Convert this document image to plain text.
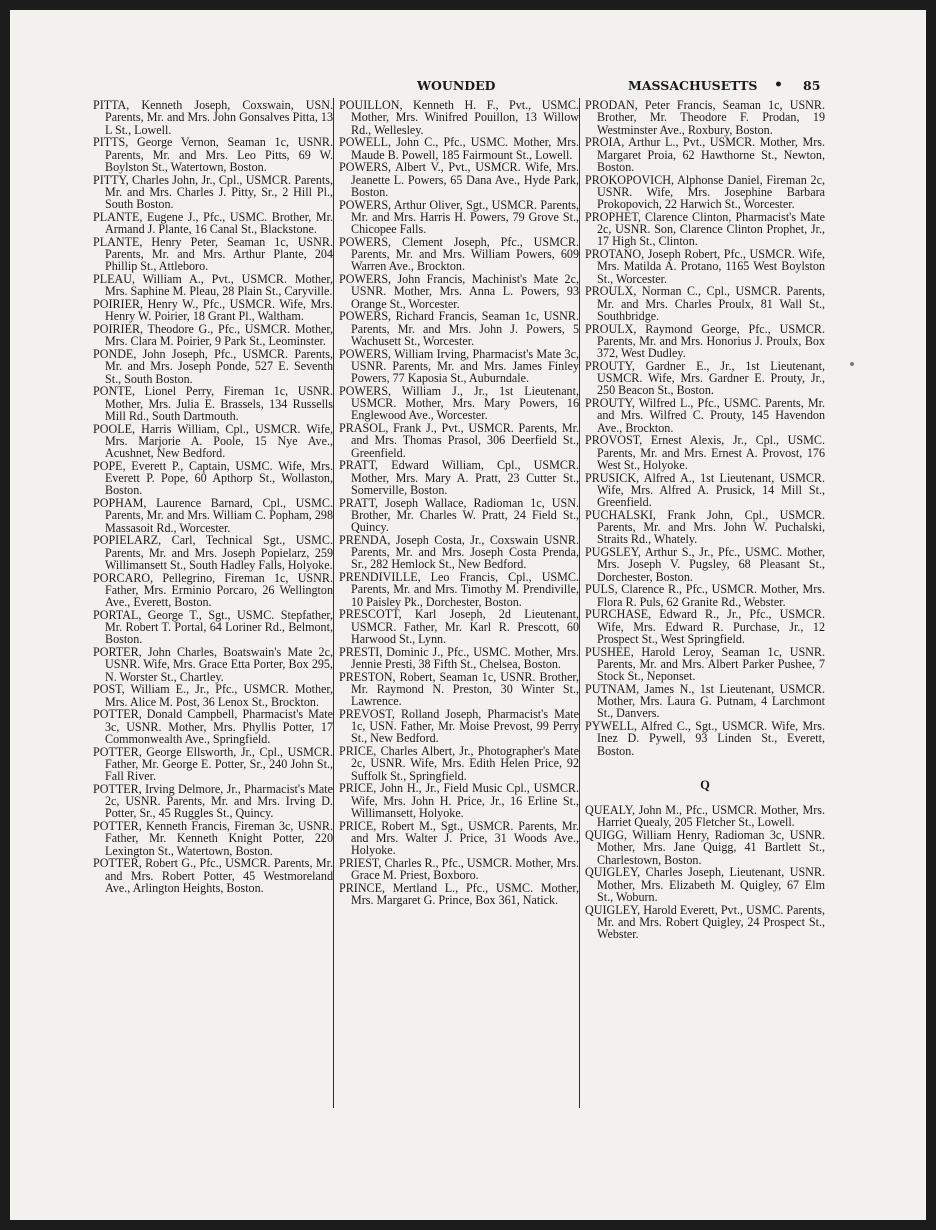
WOUNDED	MASSACHUSETTS • 85
PITTA, Kenneth Joseph, Coxswain, USN. Parents, Mr. and Mrs. John Gonsalves Pitta, 13 L St., Lowell.
PITTS, George Vernon, Seaman 1c, USNR. Parents, Mr. and Mrs. Leo Pitts, 69 W. Boylston St., Watertown, Boston.
PITTY, Charles John, Jr., Cpl., USMCR. Parents, Mr. and Mrs. Charles J. Pitty, Sr., 2 Hill Pl., South Boston.
PLANTE, Eugene J., Pfc., USMC. Brother, Mr. Armand J. Plante, 16 Canal St., Blackstone.
PLANTE, Henry Peter, Seaman 1c, USNR. Parents, Mr. and Mrs. Arthur Plante, 204 Phillip St., Attleboro.
PLEAU, William A., Pvt., USMCR. Mother, Mrs. Saphine M. Pleau, 28 Plain St., Caryville.
POIRIER, Henry W., Pfc., USMCR. Wife, Mrs. Henry W. Poirier, 18 Grant Pl., Waltham.
POIRIER, Theodore G., Pfc., USMCR. Mother, Mrs. Clara M. Poirier, 9 Park St., Leominster.
PONDE, John Joseph, Pfc., USMCR. Parents, Mr. and Mrs. Joseph Ponde, 527 E. Seventh St., South Boston.
PONTE, Lionel Perry, Fireman 1c, USNR. Mother, Mrs. Julia E. Brassels, 134 Russells Mill Rd., South Dartmouth.
POOLE, Harris William, Cpl., USMCR. Wife, Mrs. Marjorie A. Poole, 15 Nye Ave., Acushnet, New Bedford.
POPE, Everett P., Captain, USMC. Wife, Mrs. Everett P. Pope, 60 Apthorp St., Wollaston, Boston.
POPHAM, Laurence Barnard, Cpl., USMC. Parents, Mr. and Mrs. William C. Popham, 298 Massasoit Rd., Worcester.
POPIELARZ, Carl, Technical Sgt., USMC. Parents, Mr. and Mrs. Joseph Popielarz, 259 Willimansett St., South Hadley Falls, Holyoke.
PORCARO, Pellegrino, Fireman 1c, USNR. Father, Mrs. Erminio Porcaro, 26 Wellington Ave., Everett, Boston.
PORTAL, George T., Sgt., USMC. Stepfather, Mr. Robert T. Portal, 64 Loriner Rd., Belmont, Boston.
PORTER, John Charles, Boatswain's Mate 2c, USNR. Wife, Mrs. Grace Etta Porter, Box 295, N. Worster St., Chartley.
POST, William E., Jr., Pfc., USMCR. Mother, Mrs. Alice M. Post, 36 Lenox St., Brockton.
POTTER, Donald Campbell, Pharmacist's Mate 3c, USNR. Mother, Mrs. Phyllis Potter, 17 Commonwealth Ave., Springfield.
POTTER, George Ellsworth, Jr., Cpl., USMCR. Father, Mr. George E. Potter, Sr., 240 John St., Fall River.
POTTER, Irving Delmore, Jr., Pharmacist's Mate 2c, USNR. Parents, Mr. and Mrs. Irving D. Potter, Sr., 45 Ruggles St., Quincy.
POTTER, Kenneth Francis, Fireman 3c, USNR. Father, Mr. Kenneth Knight Potter, 220 Lexington St., Watertown, Boston.
POTTER, Robert G., Pfc., USMCR. Parents, Mr. and Mrs. Robert Potter, 45 Westmoreland Ave., Arlington Heights, Boston.
POUILLON, Kenneth H. F., Pvt., USMC. Mother, Mrs. Winifred Pouillon, 13 Willow Rd., Wellesley.
POWELL, John C., Pfc., USMC. Mother, Mrs. Maude B. Powell, 185 Fairmount St., Lowell.
POWERS, Albert V., Pvt., USMCR. Wife, Mrs. Jeanette L. Powers, 65 Dana Ave., Hyde Park, Boston.
POWERS, Arthur Oliver, Sgt., USMCR. Parents, Mr. and Mrs. Harris H. Powers, 79 Grove St., Chicopee Falls.
POWERS, Clement Joseph, Pfc., USMCR. Parents, Mr. and Mrs. William Powers, 609 Warren Ave., Brockton.
POWERS, John Francis, Machinist's Mate 2c, USNR. Mother, Mrs. Anna L. Powers, 93 Orange St., Worcester.
POWERS, Richard Francis, Seaman 1c, USNR. Parents, Mr. and Mrs. John J. Powers, 5 Wachusett St., Worcester.
POWERS, William Irving, Pharmacist's Mate 3c, USNR. Parents, Mr. and Mrs. James Finley Powers, 77 Kaposia St., Auburndale.
POWERS, William J., Jr., 1st Lieutenant, USMCR. Mother, Mrs. Mary Powers, 16 Englewood Ave., Worcester.
PRASOL, Frank J., Pvt., USMCR. Parents, Mr. and Mrs. Thomas Prasol, 306 Deerfield St., Greenfield.
PRATT, Edward William, Cpl., USMCR. Mother, Mrs. Mary A. Pratt, 23 Cutter St., Somerville, Boston.
PRATT, Joseph Wallace, Radioman 1c, USN. Brother, Mr. Charles W. Pratt, 24 Field St., Quincy.
PRENDA, Joseph Costa, Jr., Coxswain USNR. Parents, Mr. and Mrs. Joseph Costa Prenda, Sr., 282 Hemlock St., New Bedford.
PRENDIVILLE, Leo Francis, Cpl., USMC. Parents, Mr. and Mrs. Timothy M. Prendiville, 10 Paisley Pk., Dorchester, Boston.
PRESCOTT, Karl Joseph, 2d Lieutenant, USMCR. Father, Mr. Karl R. Prescott, 60 Harwood St., Lynn.
PRESTI, Dominic J., Pfc., USMC. Mother, Mrs. Jennie Presti, 38 Fifth St., Chelsea, Boston.
PRESTON, Robert, Seaman 1c, USNR. Brother, Mr. Raymond N. Preston, 30 Winter St., Lawrence.
PREVOST, Rolland Joseph, Pharmacist's Mate 1c, USN. Father, Mr. Moise Prevost, 99 Perry St., New Bedford.
PRICE, Charles Albert, Jr., Photographer's Mate 2c, USNR. Wife, Mrs. Edith Helen Price, 92 Suffolk St., Springfield.
PRICE, John H., Jr., Field Music Cpl., USMCR. Wife, Mrs. John H. Price, Jr., 16 Erline St., Willimansett, Holyoke.
PRICE, Robert M., Sgt., USMCR. Parents, Mr. and Mrs. Walter J. Price, 31 Woods Ave., Holyoke.
PRIEST, Charles R., Pfc., USMCR. Mother, Mrs. Grace M. Priest, Boxboro.
PRINCE, Mertland L., Pfc., USMC. Mother, Mrs. Margaret G. Prince, Box 361, Natick.
PRODAN, Peter Francis, Seaman 1c, USNR. Brother, Mr. Theodore F. Prodan, 19 Westminster Ave., Roxbury, Boston.
PROIA, Arthur L., Pvt., USMCR. Mother, Mrs. Margaret Proia, 62 Hawthorne St., Newton, Boston.
PROKOPOVICH, Alphonse Daniel, Fireman 2c, USNR. Wife, Mrs. Josephine Barbara Prokopovich, 22 Harwich St., Worcester.
PROPHET, Clarence Clinton, Pharmacist's Mate 2c, USNR. Son, Clarence Clinton Prophet, Jr., 17 High St., Clinton.
PROTANO, Joseph Robert, Pfc., USMCR. Wife, Mrs. Matilda A. Protano, 1165 West Boylston St., Worcester.
PROULX, Norman C., Cpl., USMCR. Parents, Mr. and Mrs. Charles Proulx, 81 Wall St., Southbridge.
PROULX, Raymond George, Pfc., USMCR. Parents, Mr. and Mrs. Honorius J. Proulx, Box 372, West Dudley.
PROUTY, Gardner E., Jr., 1st Lieutenant, USMCR. Wife, Mrs. Gardner E. Prouty, Jr., 250 Beacon St., Boston.
PROUTY, Wilfred L., Pfc., USMC. Parents, Mr. and Mrs. Wilfred C. Prouty, 145 Havendon Ave., Brockton.
PROVOST, Ernest Alexis, Jr., Cpl., USMC. Parents, Mr. and Mrs. Ernest A. Provost, 176 West St., Holyoke.
PRUSICK, Alfred A., 1st Lieutenant, USMCR. Wife, Mrs. Alfred A. Prusick, 14 Mill St., Greenfield.
PUCHALSKI, Frank John, Cpl., USMCR. Parents, Mr. and Mrs. John W. Puchalski, Straits Rd., Whately.
PUGSLEY, Arthur S., Jr., Pfc., USMC. Mother, Mrs. Joseph V. Pugsley, 68 Pleasant St., Dorchester, Boston.
PULS, Clarence R., Pfc., USMCR. Mother, Mrs. Flora R. Puls, 62 Granite Rd., Webster.
PURCHASE, Edward R., Jr., Pfc., USMCR. Wife, Mrs. Edward R. Purchase, Jr., 12 Prospect St., West Springfield.
PUSHEE, Harold Leroy, Seaman 1c, USNR. Parents, Mr. and Mrs. Albert Parker Pushee, 7 Stock St., Neponset.
PUTNAM, James N., 1st Lieutenant, USMCR. Mother, Mrs. Laura G. Putnam, 4 Larchmont St., Danvers.
PYWELL, Alfred C., Sgt., USMCR. Wife, Mrs. Inez D. Pywell, 93 Linden St., Everett, Boston.
Q
QUEALY, John M., Pfc., USMCR. Mother, Mrs. Harriet Quealy, 205 Fletcher St., Lowell.
QUIGG, William Henry, Radioman 3c, USNR. Mother, Mrs. Jane Quigg, 41 Bartlett St., Charlestown, Boston.
QUIGLEY, Charles Joseph, Lieutenant, USNR. Mother, Mrs. Elizabeth M. Quigley, 67 Elm St., Woburn.
QUIGLEY, Harold Everett, Pvt., USMC. Parents, Mr. and Mrs. Robert Quigley, 24 Prospect St., Webster.
